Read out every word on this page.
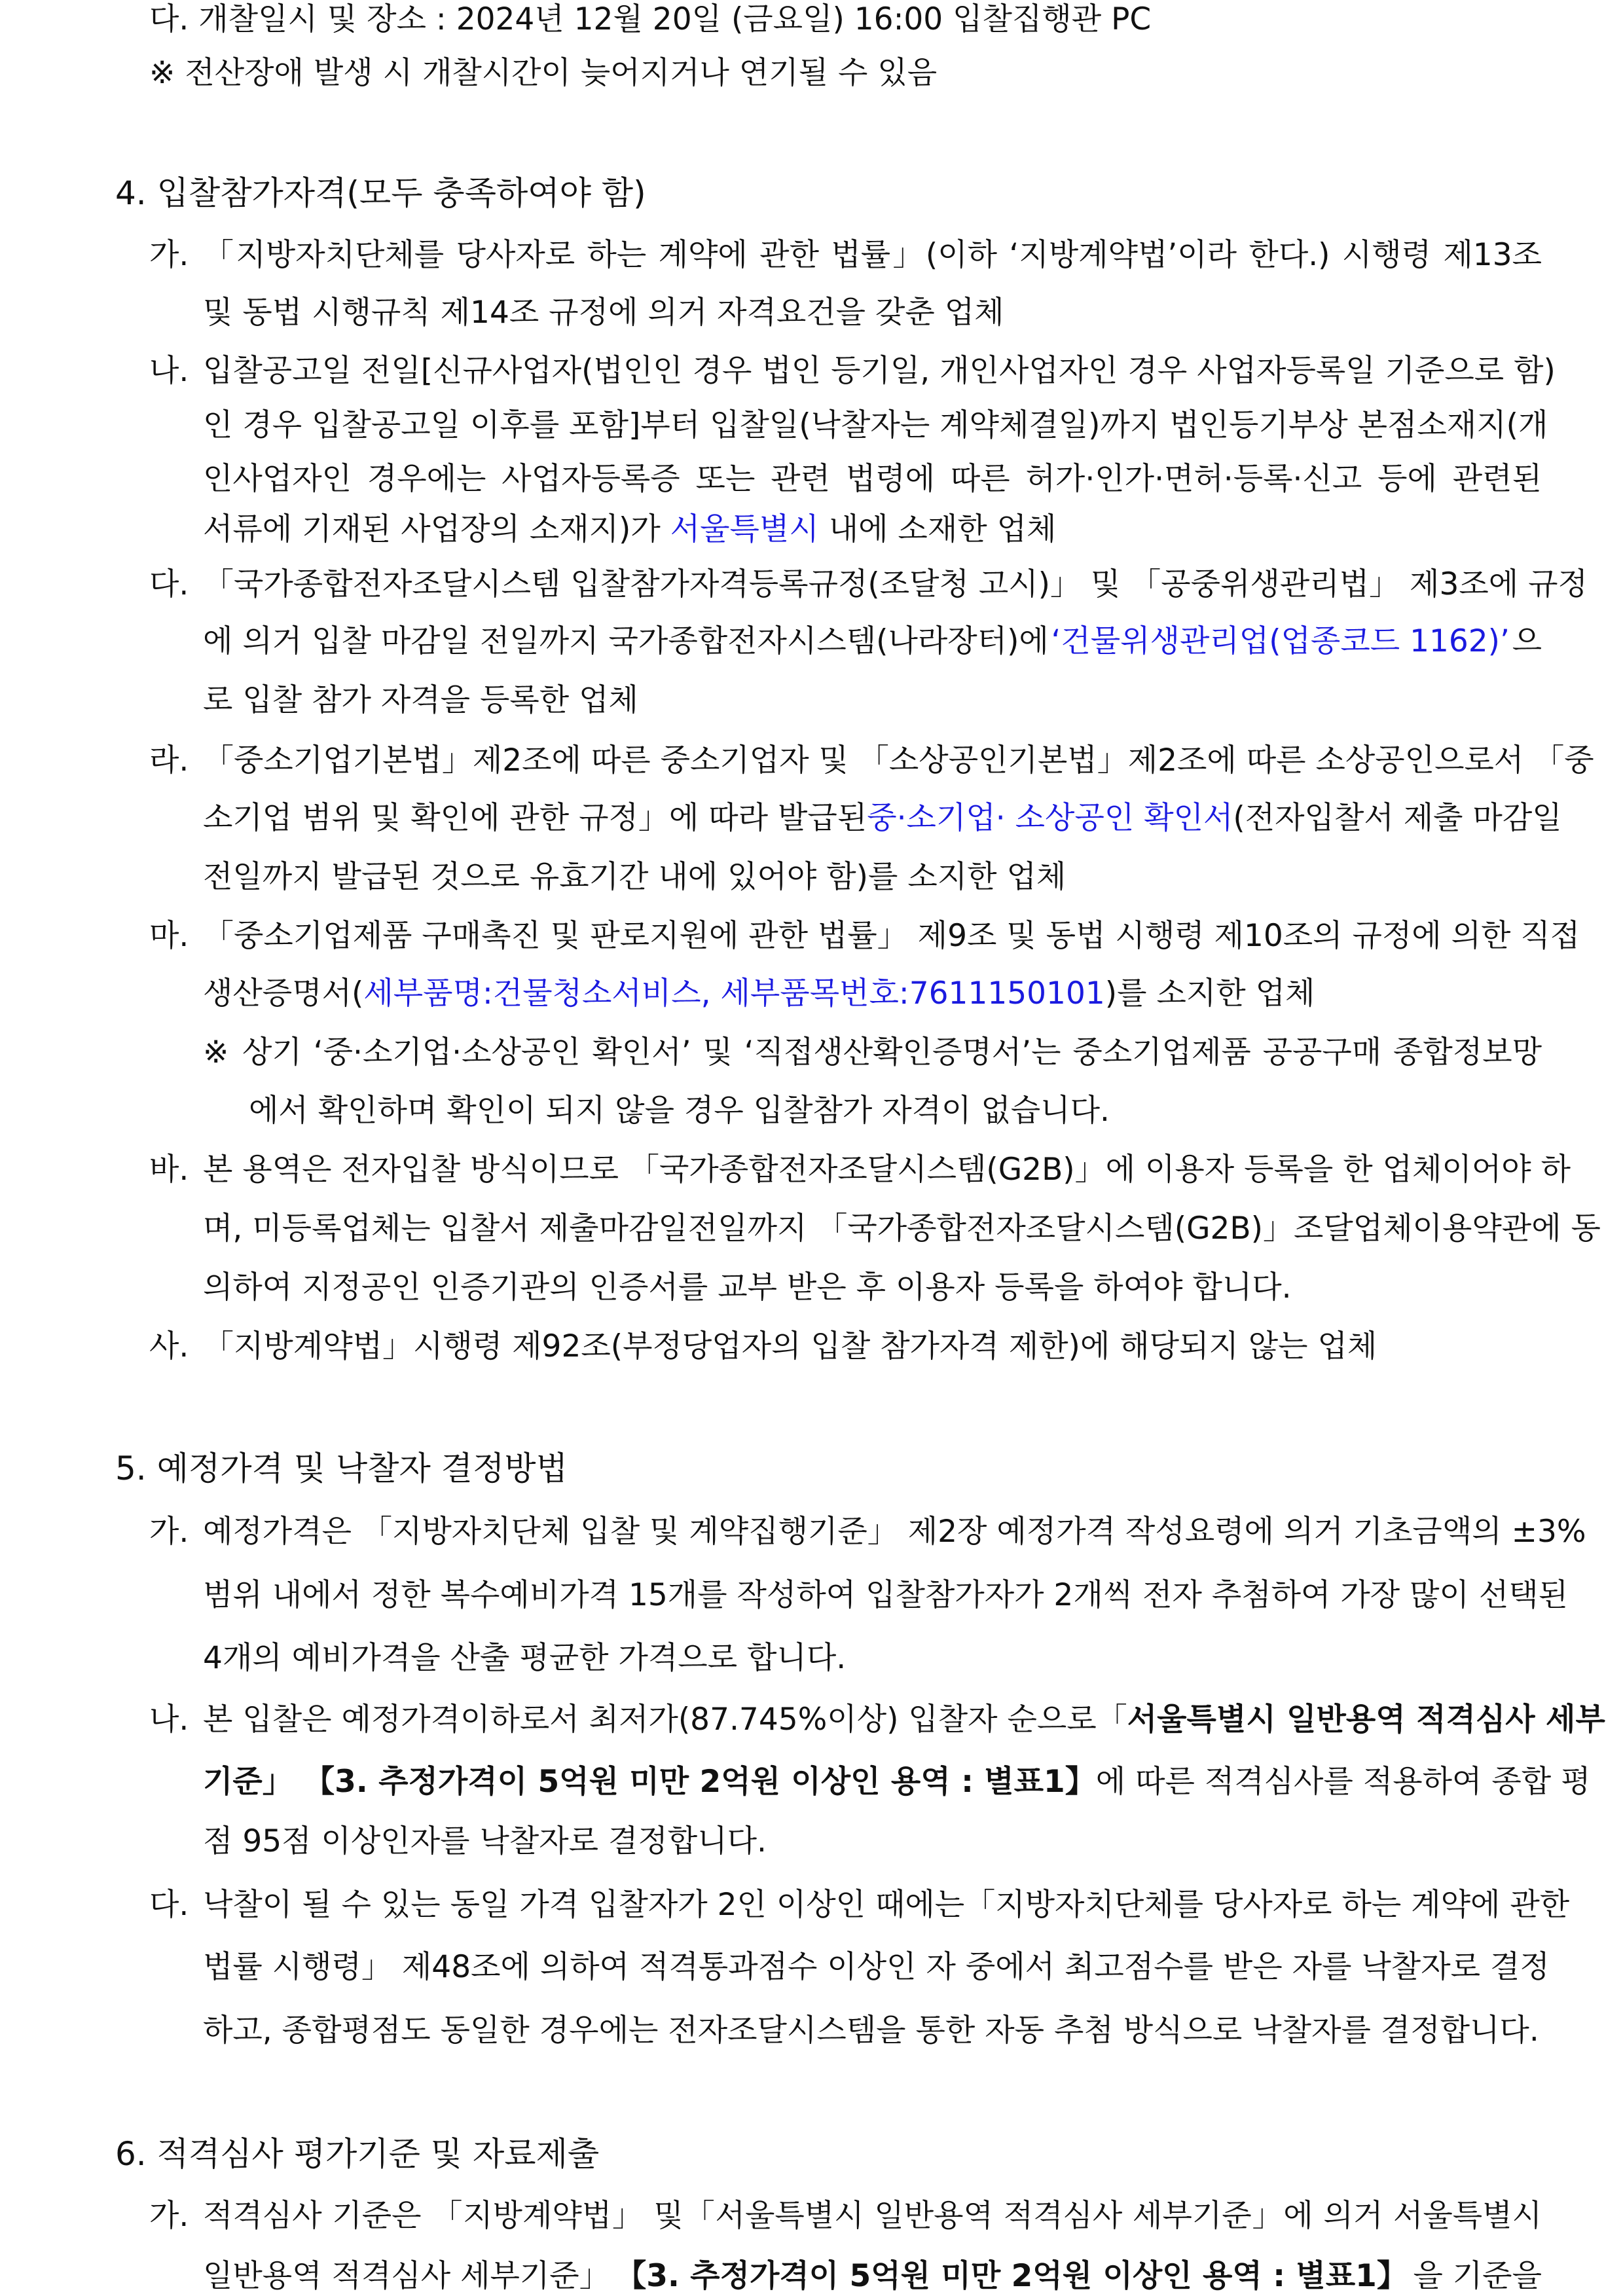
다. 개찰일시 및 장소 : 2024년 12월 20일 (금요일) 16:00 입찰집행관 PC
※ 전산장애 발생 시 개찰시간이 늦어지거나 연기될 수 있음
4. 입찰참가자격(모두 충족하여야 함)
가. 「지방자치단체를 당사자로 하는 계약에 관한 법률」(이하 ‘지방계약법’이라 한다.) 시행령 제13조
및 동법 시행규칙 제14조 규정에 의거 자격요건을 갖춘 업체
나. 입찰공고일 전일[신규사업자(법인인 경우 법인 등기일, 개인사업자인 경우 사업자등록일 기준으로 함)
인 경우 입찰공고일 이후를 포함]부터 입찰일(낙찰자는 계약체결일)까지 법인등기부상 본점소재지(개
인사업자인 경우에는 사업자등록증 또는 관련 법령에 따른 허가·인가·면허·등록·신고 등에 관련된
서류에 기재된 사업장의 소재지)가 서울특별시 내에 소재한 업체
다. 「국가종합전자조달시스템 입찰참가자격등록규정(조달청 고시)」 및 「공중위생관리법」 제3조에 규정
에 의거 입찰 마감일 전일까지 국가종합전자시스템(나라장터)에 ‘건물위생관리업(업종코드 1162)’ 으
로 입찰 참가 자격을 등록한 업체
라. 「중소기업기본법」제2조에 따른 중소기업자 및 「소상공인기본법」제2조에 따른 소상공인으로서 「중
소기업 범위 및 확인에 관한 규정」에 따라 발급된 중·소기업· 소상공인 확인서 (전자입찰서 제출 마감일
전일까지 발급된 것으로 유효기간 내에 있어야 함)를 소지한 업체
마. 「중소기업제품 구매촉진 및 판로지원에 관한 법률」 제9조 및 동법 시행령 제10조의 규정에 의한 직접
생산증명서(세부품명:건물청소서비스, 세부품목번호:7611150101)를 소지한 업체
※ 상기 ‘중·소기업·소상공인 확인서’ 및 ‘직접생산확인증명서’는 중소기업제품 공공구매 종합정보망
에서 확인하며 확인이 되지 않을 경우 입찰참가 자격이 없습니다.
바. 본 용역은 전자입찰 방식이므로 「국가종합전자조달시스템(G2B)」에 이용자 등록을 한 업체이어야 하
며, 미등록업체는 입찰서 제출마감일전일까지 「국가종합전자조달시스템(G2B)」조달업체이용약관에 동
의하여 지정공인 인증기관의 인증서를 교부 받은 후 이용자 등록을 하여야 합니다.
사. 「지방계약법」시행령 제92조(부정당업자의 입찰 참가자격 제한)에 해당되지 않는 업체
5. 예정가격 및 낙찰자 결정방법
가. 예정가격은 「지방자치단체 입찰 및 계약집행기준」 제2장 예정가격 작성요령에 의거 기초금액의 ±3%
범위 내에서 정한 복수예비가격 15개를 작성하여 입찰참가자가 2개씩 전자 추첨하여 가장 많이 선택된
4개의 예비가격을 산출 평균한 가격으로 합니다.
나. 본 입찰은 예정가격이하로서 최저가(87.745%이상) 입찰자 순으로「 서울특별시 일반용역 적격심사 세부
기준」 【3. 추정가격이 5억원 미만 2억원 이상인 용역 : 별표1】 에 따른 적격심사를 적용하여 종합 평
점 95점 이상인자를 낙찰자로 결정합니다.
다. 낙찰이 될 수 있는 동일 가격 입찰자가 2인 이상인 때에는「지방자치단체를 당사자로 하는 계약에 관한
법률 시행령」 제48조에 의하여 적격통과점수 이상인 자 중에서 최고점수를 받은 자를 낙찰자로 결정
하고, 종합평점도 동일한 경우에는 전자조달시스템을 통한 자동 추첨 방식으로 낙찰자를 결정합니다.
6. 적격심사 평가기준 및 자료제출
가. 적격심사 기준은 「지방계약법」 및「서울특별시 일반용역 적격심사 세부기준」에 의거 서울특별시
일반용역 적격심사 세부기준」 【3. 추정가격이 5억원 미만 2억원 이상인 용역 : 별표1】 을 기준을
